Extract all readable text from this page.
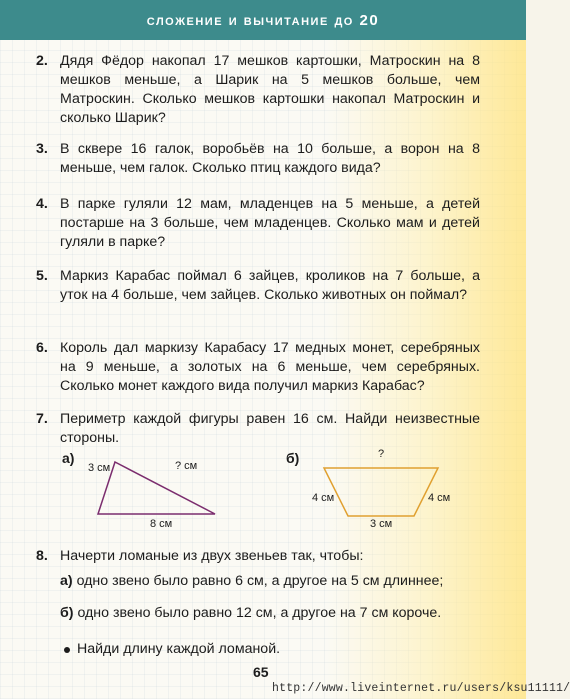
сложение и вычитание до 20
2. Дядя Фёдор накопал 17 мешков картошки, Матроскин на 8 мешков меньше, а Шарик на 5 мешков больше, чем Матроскин. Сколько мешков картошки накопал Матроскин и сколько Шарик?
3. В сквере 16 галок, воробьёв на 10 больше, а ворон на 8 меньше, чем галок. Сколько птиц каждого вида?
4. В парке гуляли 12 мам, младенцев на 5 меньше, а детей постарше на 3 больше, чем младенцев. Сколько мам и детей гуляли в парке?
5. Маркиз Карабас поймал 6 зайцев, кроликов на 7 больше, а уток на 4 больше, чем зайцев. Сколько животных он поймал?
6. Король дал маркизу Карабасу 17 медных монет, серебряных на 9 меньше, а золотых на 6 меньше, чем серебряных. Сколько монет каждого вида получил маркиз Карабас?
7. Периметр каждой фигуры равен 16 см. Найди неизвестные стороны.
а)
3 см	? см
8 см
б)	?
4 см	4 см
3 см
8. Начерти ломаные из двух звеньев так, чтобы:
а) одно звено было равно 6 см, а другое на 5 см длиннее;
б) одно звено было равно 12 см, а другое на 7 см короче.
Найди длину каждой ломаной.
65
http://www.liveinternet.ru/users/ksu11111/
